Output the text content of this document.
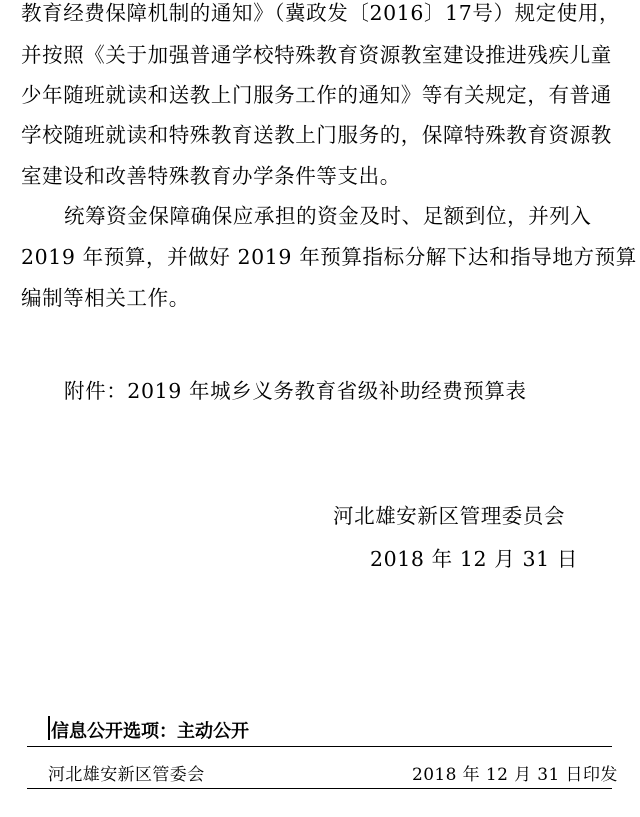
教育经费保障机制的通知》（冀政发〔2016〕17号）规定使用，
并按照《关于加强普通学校特殊教育资源教室建设推进残疾儿童
少年随班就读和送教上门服务工作的通知》等有关规定，有普通
学校随班就读和特殊教育送教上门服务的，保障特殊教育资源教
室建设和改善特殊教育办学条件等支出。
统筹资金保障确保应承担的资金及时、足额到位，并列入
2019 年预算，并做好 2019 年预算指标分解下达和指导地方预算
编制等相关工作。
附件：2019 年城乡义务教育省级补助经费预算表
河北雄安新区管理委员会
2018 年 12 月 31 日
信息公开选项：主动公开
河北雄安新区管委会	2018 年 12 月 31 日印发
